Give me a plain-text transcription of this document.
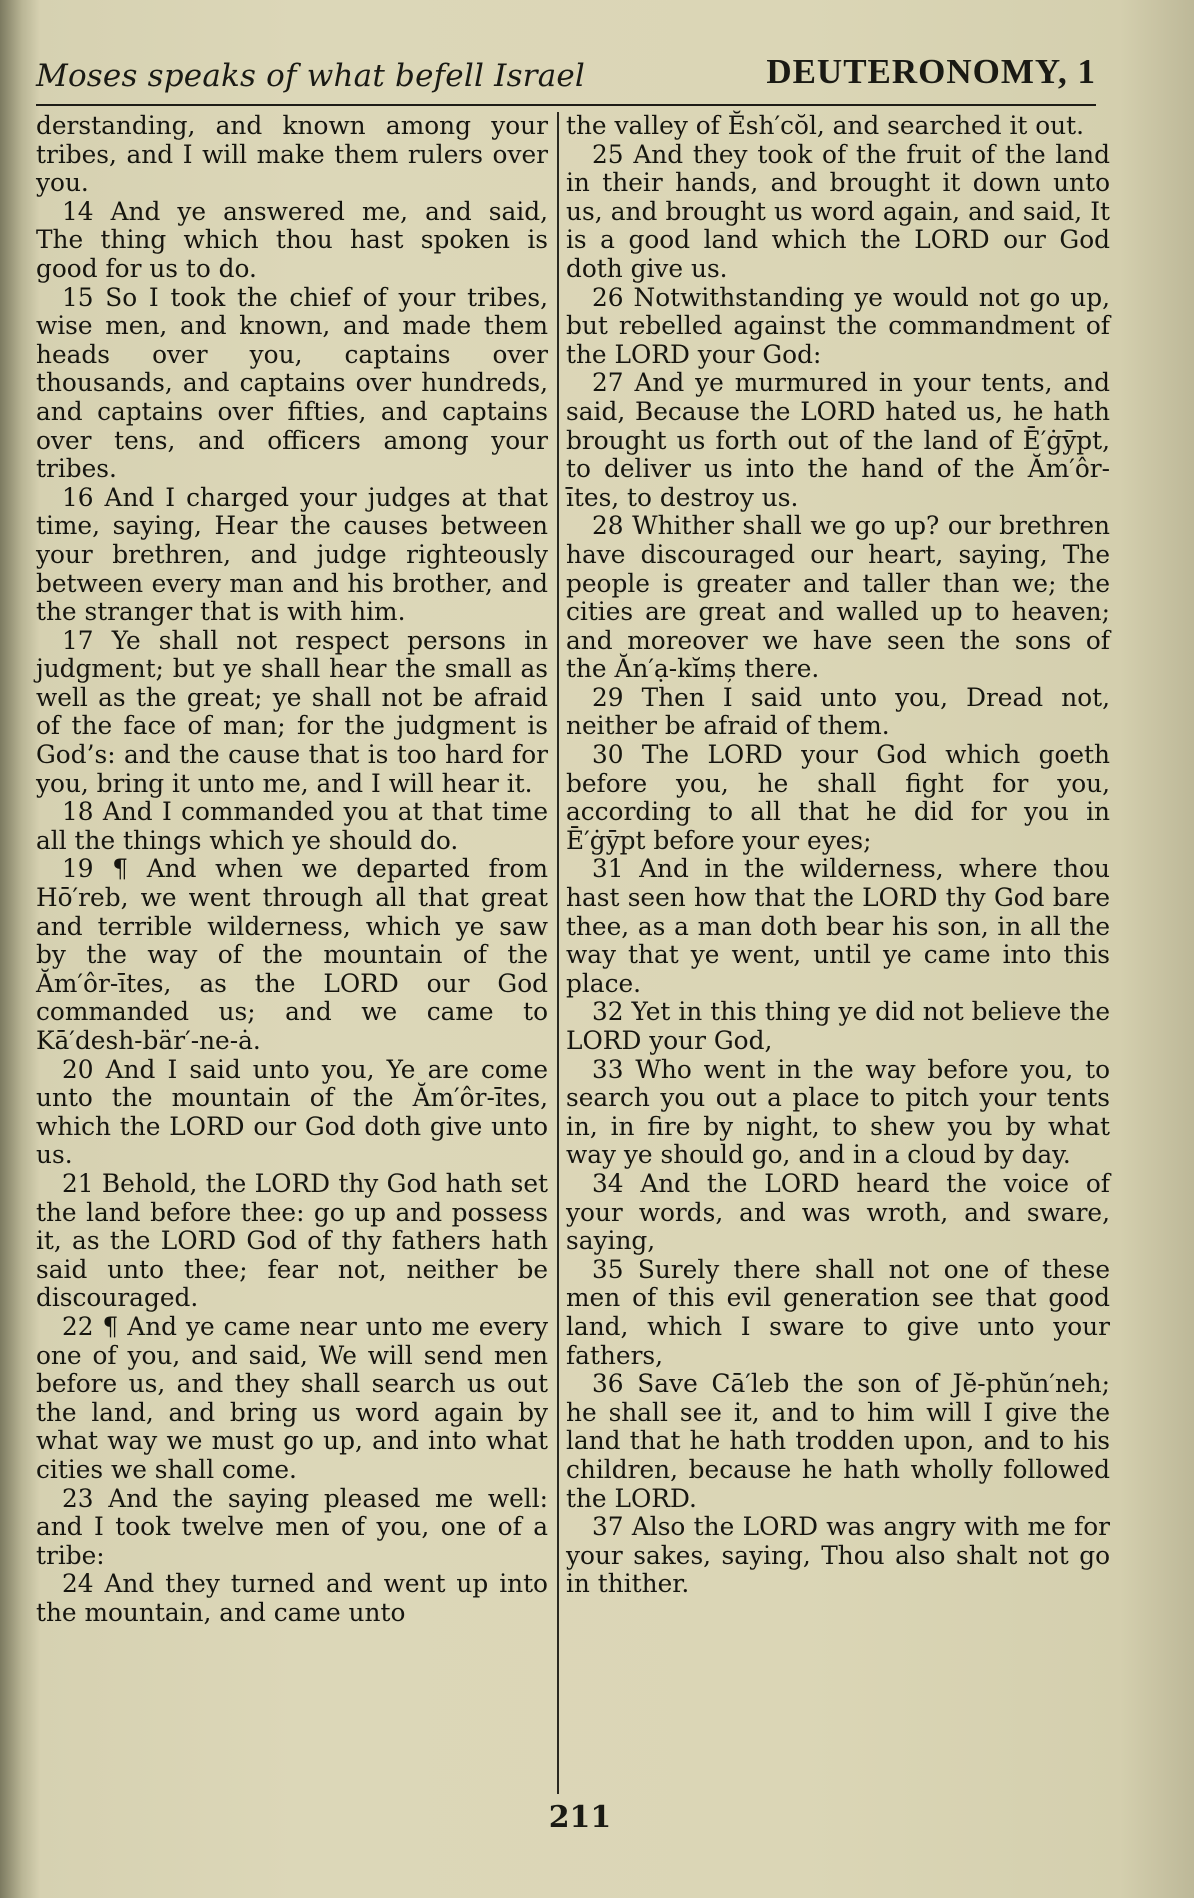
Moses speaks of what befell Israel	DEUTERONOMY, 1

derstanding, and known among your tribes, and I will make them rulers over you.

14 And ye answered me, and said, The thing which thou hast spoken is good for us to do.

15 So I took the chief of your tribes, wise men, and known, and made them heads over you, captains over thousands, and captains over hundreds, and captains over fifties, and captains over tens, and officers among your tribes.

16 And I charged your judges at that time, saying, Hear the causes between your brethren, and judge righteously between every man and his brother, and the stranger that is with him.

17 Ye shall not respect persons in judgment; but ye shall hear the small as well as the great; ye shall not be afraid of the face of man; for the judgment is God’s: and the cause that is too hard for you, bring it unto me, and I will hear it.

18 And I commanded you at that time all the things which ye should do.

19 ¶ And when we departed from Hō′reb, we went through all that great and terrible wilderness, which ye saw by the way of the mountain of the Ăm′ôr-ītes, as the LORD our God commanded us; and we came to Kā′desh-bär′-ne-ȧ.

20 And I said unto you, Ye are come unto the mountain of the Ăm′ôr-ītes, which the LORD our God doth give unto us.

21 Behold, the LORD thy God hath set the land before thee: go up and possess it, as the LORD God of thy fathers hath said unto thee; fear not, neither be discouraged.

22 ¶ And ye came near unto me every one of you, and said, We will send men before us, and they shall search us out the land, and bring us word again by what way we must go up, and into what cities we shall come.

23 And the saying pleased me well: and I took twelve men of you, one of a tribe:

24 And they turned and went up into the mountain, and came unto

the valley of Ĕsh′cŏl, and searched it out.

25 And they took of the fruit of the land in their hands, and brought it down unto us, and brought us word again, and said, It is a good land which the LORD our God doth give us.

26 Notwithstanding ye would not go up, but rebelled against the commandment of the LORD your God:

27 And ye murmured in your tents, and said, Because the LORD hated us, he hath brought us forth out of the land of Ē′ġȳpt, to deliver us into the hand of the Ăm′ôr-ītes, to destroy us.

28 Whither shall we go up? our brethren have discouraged our heart, saying, The people is greater and taller than we; the cities are great and walled up to heaven; and moreover we have seen the sons of the Ăn′ạ-kĭmș there.

29 Then I said unto you, Dread not, neither be afraid of them.

30 The LORD your God which goeth before you, he shall fight for you, according to all that he did for you in Ē′ġȳpt before your eyes;

31 And in the wilderness, where thou hast seen how that the LORD thy God bare thee, as a man doth bear his son, in all the way that ye went, until ye came into this place.

32 Yet in this thing ye did not believe the LORD your God,

33 Who went in the way before you, to search you out a place to pitch your tents in, in fire by night, to shew you by what way ye should go, and in a cloud by day.

34 And the LORD heard the voice of your words, and was wroth, and sware, saying,

35 Surely there shall not one of these men of this evil generation see that good land, which I sware to give unto your fathers,

36 Save Cā′leb the son of Jĕ-phŭn′neh; he shall see it, and to him will I give the land that he hath trodden upon, and to his children, because he hath wholly followed the LORD.

37 Also the LORD was angry with me for your sakes, saying, Thou also shalt not go in thither.

211
